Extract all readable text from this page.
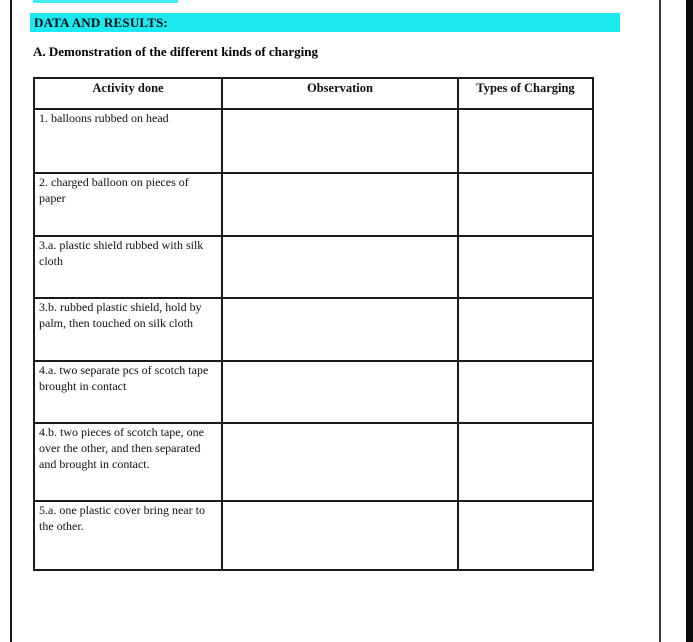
DATA AND RESULTS:
A. Demonstration of the different kinds of charging
Activity done	Observation	Types of Charging
1. balloons rubbed on head		
2. charged balloon on pieces of paper		
3.a. plastic shield rubbed with silk cloth		
3.b. rubbed plastic shield, hold by palm, then touched on silk cloth		
4.a. two separate pcs of scotch tape brought in contact		
4.b. two pieces of scotch tape, one over the other, and then separated and brought in contact.		
5.a. one plastic cover bring near to the other.		
